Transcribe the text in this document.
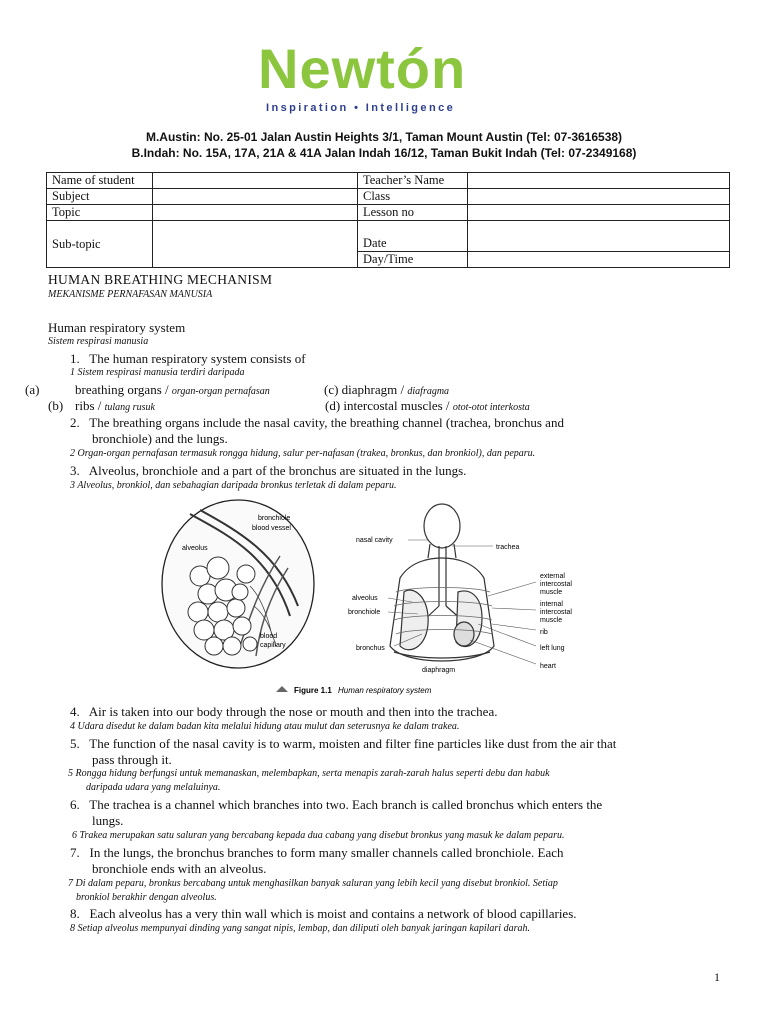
Newtón
Inspiration • Intelligence
M.Austin: No. 25-01 Jalan Austin Heights 3/1, Taman Mount Austin (Tel: 07-3616538)
B.Indah: No. 15A, 17A, 21A & 41A Jalan Indah 16/12, Taman Bukit Indah (Tel: 07-2349168)
Name of student		Teacher’s Name	
Subject		Class	
Topic		Lesson no	
Sub-topic		Date	
		Day/Time	
HUMAN BREATHING MECHANISM
MEKANISME PERNAFASAN MANUSIA
Human respiratory system
Sistem respirasi manusia
1.   The human respiratory system consists of
1 Sistem respirasi manusia terdiri daripada
(a)	breathing organs / organ-organ pernafasan	(c) diaphragm / diafragma
(b) ribs / tulang rusuk	(d) intercostal muscles / otot-otot interkosta
2.   The breathing organs include the nasal cavity, the breathing channel (trachea, bronchus and
bronchiole) and the lungs.
2 Organ-organ pernafasan termasuk rongga hidung, salur per-nafasan (trakea, bronkus, dan bronkiol), dan peparu.
3.   Alveolus, bronchiole and a part of the bronchus are situated in the lungs.
3 Alveolus, bronkiol, dan sebahagian daripada bronkus terletak di dalam peparu.
bronchiole
blood vessel
alveolus
blood
capillary
nasal cavity
trachea
alveolus
bronchiole
bronchus
diaphragm
external
intercostal
muscle
internal
intercostal
muscle
rib
left lung
heart
Figure 1.1 Human respiratory system
4.   Air is taken into our body through the nose or mouth and then into the trachea.
4 Udara disedut ke dalam badan kita melalui hidung atau mulut dan seterusnya ke dalam trakea.
5.   The function of the nasal cavity is to warm, moisten and filter fine particles like dust from the air that
pass through it.
5 Rongga hidung berfungsi untuk memanaskan, melembapkan, serta menapis zarah-zarah halus seperti debu dan habuk
daripada udara yang melaluinya.
6.   The trachea is a channel which branches into two. Each branch is called bronchus which enters the
lungs.
6 Trakea merupakan satu saluran yang bercabang kepada dua cabang yang disebut bronkus yang masuk ke dalam peparu.
7.   In the lungs, the bronchus branches to form many smaller channels called bronchiole. Each
bronchiole ends with an alveolus.
7 Di dalam peparu, bronkus bercabang untuk menghasilkan banyak saluran yang lebih kecil yang disebut bronkiol. Setiap
bronkiol berakhir dengan alveolus.
8.   Each alveolus has a very thin wall which is moist and contains a network of blood capillaries.
8 Setiap alveolus mempunyai dinding yang sangat nipis, lembap, dan diliputi oleh banyak jaringan kapilari darah.
1
